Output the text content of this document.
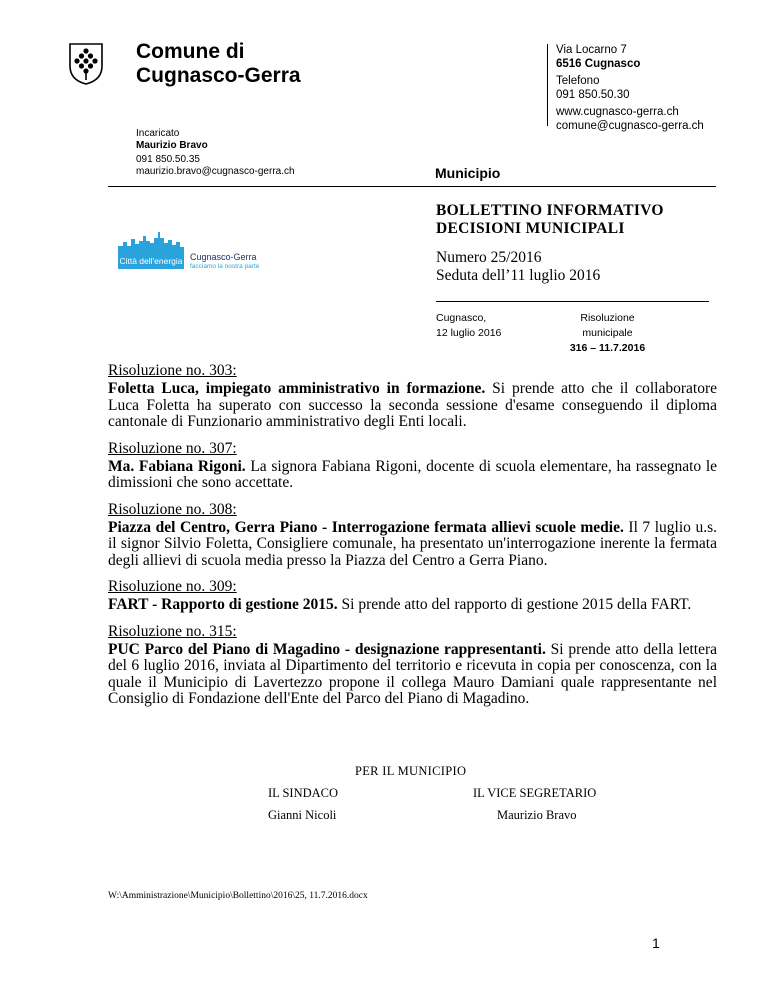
Comune di
Cugnasco-Gerra
Via Locarno 7
6516 Cugnasco
Telefono
091 850.50.30
www.cugnasco-gerra.ch
comune@cugnasco-gerra.ch
Incaricato
Maurizio Bravo
091 850.50.35
maurizio.bravo@cugnasco-gerra.ch	Municipio
Città dell'energia Cugnasco-Gerra
facciamo la nostra parte
BOLLETTINO INFORMATIVO
DECISIONI MUNICIPALI
Numero 25/2016
Seduta dell’11 luglio 2016
Cugnasco,
12 luglio 2016
Risoluzione municipale
316 – 11.7.2016
Risoluzione no. 303:
Foletta Luca, impiegato amministrativo in formazione. Si prende atto che il collaboratore Luca Foletta ha superato con successo la seconda sessione d'esame conseguendo il diploma cantonale di Funzionario amministrativo degli Enti locali.
Risoluzione no. 307:
Ma. Fabiana Rigoni. La signora Fabiana Rigoni, docente di scuola elementare, ha rassegnato le dimissioni che sono accettate.
Risoluzione no. 308:
Piazza del Centro, Gerra Piano - Interrogazione fermata allievi scuole medie. Il 7 luglio u.s. il signor Silvio Foletta, Consigliere comunale, ha presentato un'interrogazione inerente la fermata degli allievi di scuola media presso la Piazza del Centro a Gerra Piano.
Risoluzione no. 309:
FART - Rapporto di gestione 2015. Si prende atto del rapporto di gestione 2015 della FART.
Risoluzione no. 315:
PUC Parco del Piano di Magadino - designazione rappresentanti. Si prende atto della lettera del 6 luglio 2016, inviata al Dipartimento del territorio e ricevuta in copia per conoscenza, con la quale il Municipio di Lavertezzo propone il collega Mauro Damiani quale rappresentante nel Consiglio di Fondazione dell'Ente del Parco del Piano di Magadino.
PER IL MUNICIPIO
IL SINDACO
Gianni Nicoli
IL VICE SEGRETARIO
Maurizio Bravo
W:\Amministrazione\Municipio\Bollettino\2016\25, 11.7.2016.docx
1
